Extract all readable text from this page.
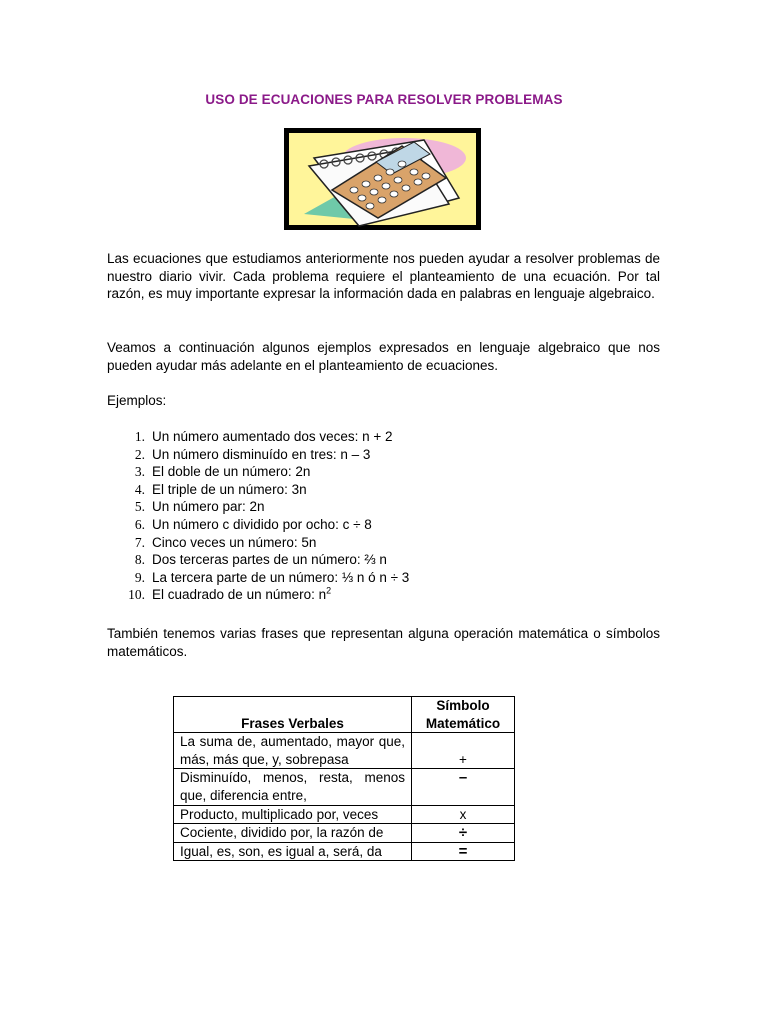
USO DE ECUACIONES PARA RESOLVER PROBLEMAS
Las ecuaciones que estudiamos anteriormente nos pueden ayudar a resolver problemas de nuestro diario vivir. Cada problema requiere el planteamiento de una ecuación. Por tal razón, es muy importante expresar la información dada en palabras en lenguaje algebraico.
Veamos a continuación algunos ejemplos expresados en lenguaje algebraico que nos pueden ayudar más adelante en el planteamiento de ecuaciones.
Ejemplos:
1. Un número aumentado dos veces: n + 2
2. Un número disminuído en tres: n – 3
3. El doble de un número: 2n
4. El triple de un número: 3n
5. Un número par: 2n
6. Un número c dividido por ocho: c ÷ 8
7. Cinco veces un número: 5n
8. Dos terceras partes de un número: ⅔ n
9. La tercera parte de un número: ⅓ n ó n ÷ 3
10. El cuadrado de un número: $n^2$
También tenemos varias frases que representan alguna operación matemática o símbolos matemáticos.
Frases Verbales	Símbolo Matemático
La suma de, aumentado, mayor que, más, más que, y, sobrepasa	+
Disminuído, menos, resta, menos que, diferencia entre,	–
Producto, multiplicado por, veces	x
Cociente, dividido por, la razón de	÷
Igual, es, son, es igual a, será, da	=
